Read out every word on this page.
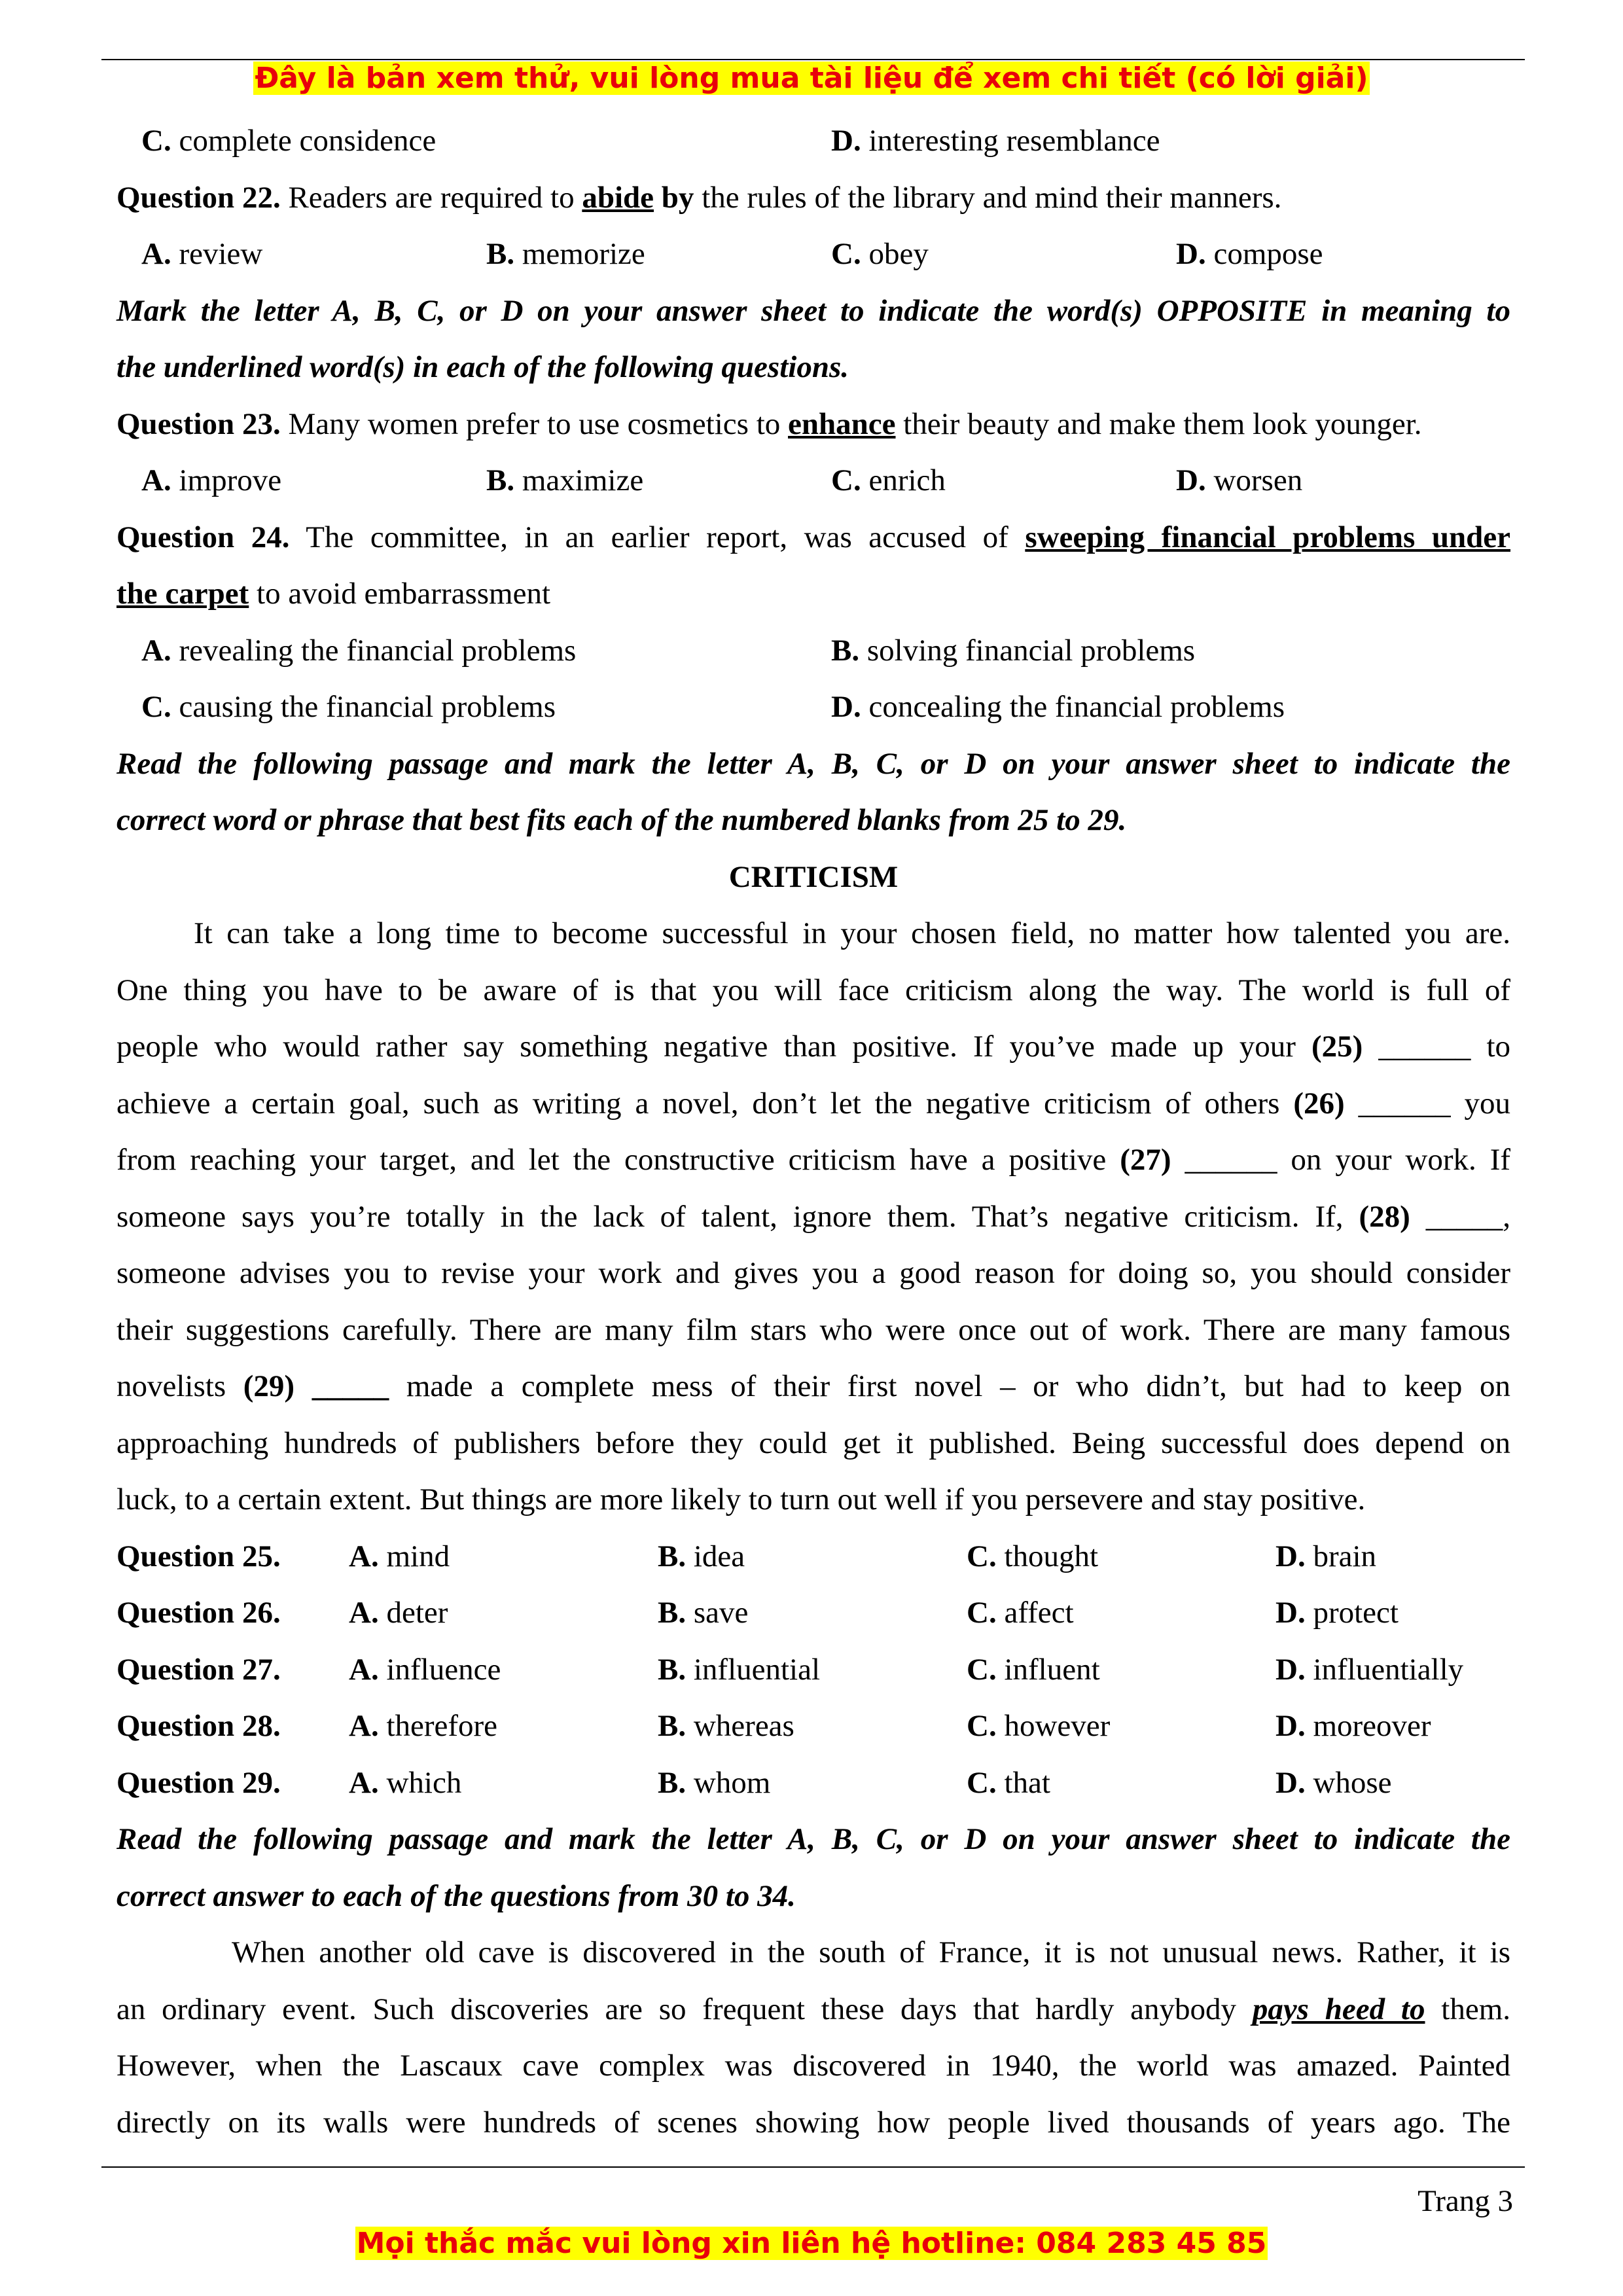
Đây là bản xem thử, vui lòng mua tài liệu để xem chi tiết (có lời giải)
C. complete considence	D. interesting resemblance
Question 22. Readers are required to abide by the rules of the library and mind their manners.
A. review	B. memorize	C. obey	D. compose
Mark the letter A, B, C, or D on your answer sheet to indicate the word(s) OPPOSITE in meaning to
the underlined word(s) in each of the following questions.
Question 23. Many women prefer to use cosmetics to enhance their beauty and make them look younger.
A. improve	B. maximize	C. enrich	D. worsen
Question 24. The committee, in an earlier report, was accused of sweeping financial problems under
the carpet to avoid embarrassment
A. revealing the financial problems	B. solving financial problems
C. causing the financial problems	D. concealing the financial problems
Read the following passage and mark the letter A, B, C, or D on your answer sheet to indicate the
correct word or phrase that best fits each of the numbered blanks from 25 to 29.
CRITICISM
It can take a long time to become successful in your chosen field, no matter how talented you are.
One thing you have to be aware of is that you will face criticism along the way. The world is full of
people who would rather say something negative than positive. If you’ve made up your (25) ______ to
achieve a certain goal, such as writing a novel, don’t let the negative criticism of others (26) ______ you
from reaching your target, and let the constructive criticism have a positive (27) ______ on your work. If
someone says you’re totally in the lack of talent, ignore them. That’s negative criticism. If, (28) _____,
someone advises you to revise your work and gives you a good reason for doing so, you should consider
their suggestions carefully. There are many film stars who were once out of work. There are many famous
novelists (29) _____ made a complete mess of their first novel – or who didn’t, but had to keep on
approaching hundreds of publishers before they could get it published. Being successful does depend on
luck, to a certain extent. But things are more likely to turn out well if you persevere and stay positive.
Question 25.	A. mind	B. idea	C. thought	D. brain
Question 26.	A. deter	B. save	C. affect	D. protect
Question 27.	A. influence	B. influential	C. influent	D. influentially
Question 28.	A. therefore	B. whereas	C. however	D. moreover
Question 29.	A. which	B. whom	C. that	D. whose
Read the following passage and mark the letter A, B, C, or D on your answer sheet to indicate the
correct answer to each of the questions from 30 to 34.
When another old cave is discovered in the south of France, it is not unusual news. Rather, it is
an ordinary event. Such discoveries are so frequent these days that hardly anybody pays heed to them.
However, when the Lascaux cave complex was discovered in 1940, the world was amazed. Painted
directly on its walls were hundreds of scenes showing how people lived thousands of years ago. The
Trang 3
Mọi thắc mắc vui lòng xin liên hệ hotline: 084 283 45 85
